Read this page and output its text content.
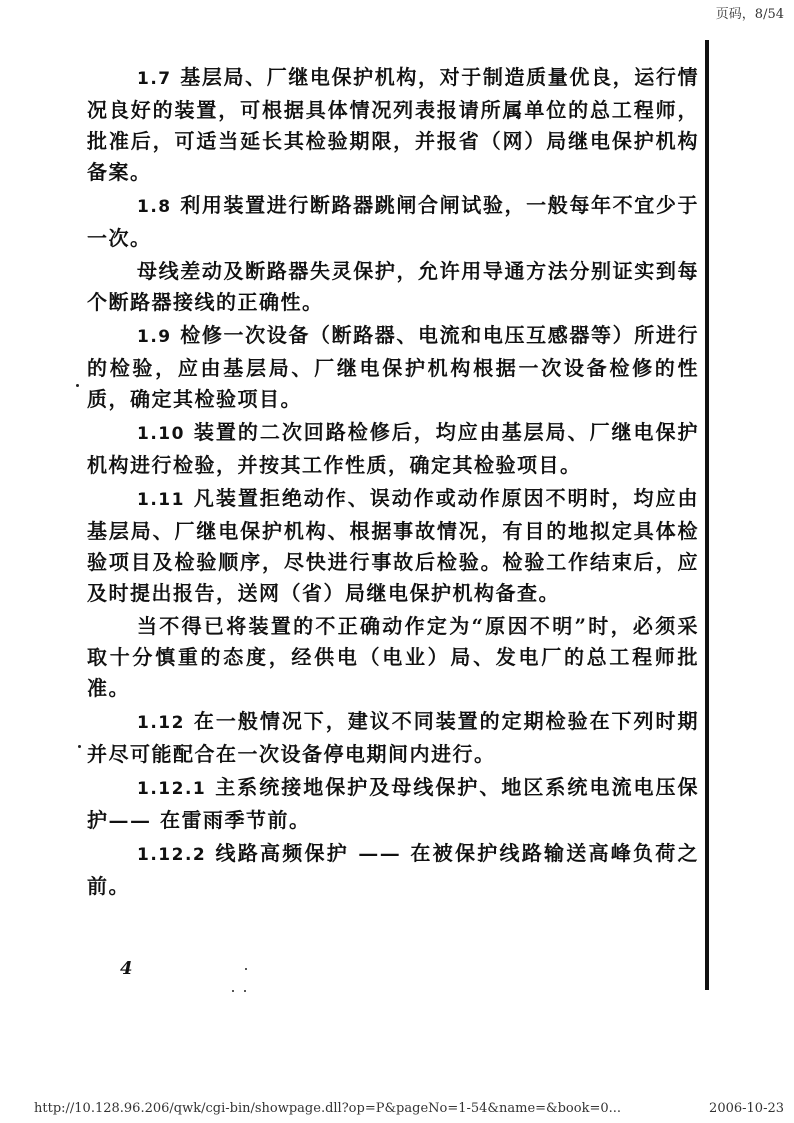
页码，8/54

1.7 基层局、厂继电保护机构，对于制造质量优良，运行情况良好的装置，可根据具体情况列表报请所属单位的总工程师，批准后，可适当延长其检验期限，并报省（网）局继电保护机构备案。

1.8 利用装置进行断路器跳闸合闸试验，一般每年不宜少于一次。

母线差动及断路器失灵保护，允许用导通方法分别证实到每个断路器接线的正确性。

1.9 检修一次设备（断路器、电流和电压互感器等）所进行的检验，应由基层局、厂继电保护机构根据一次设备检修的性质，确定其检验项目。

1.10 装置的二次回路检修后，均应由基层局、厂继电保护机构进行检验，并按其工作性质，确定其检验项目。

1.11 凡装置拒绝动作、误动作或动作原因不明时，均应由基层局、厂继电保护机构、根据事故情况，有目的地拟定具体检验项目及检验顺序，尽快进行事故后检验。检验工作结束后，应及时提出报告，送网（省）局继电保护机构备查。

当不得已将装置的不正确动作定为“原因不明”时，必须采取十分慎重的态度，经供电（电业）局、发电厂的总工程师批准。

1.12 在一般情况下，建议不同装置的定期检验在下列时期并尽可能配合在一次设备停电期间内进行。

1.12.1 主系统接地保护及母线保护、地区系统电流电压保护—— 在雷雨季节前。

1.12.2 线路高频保护 —— 在被保护线路输送高峰负荷之前。

4
http://10.128.96.206/qwk/cgi-bin/showpage.dll?op=P&pageNo=1-54&name=&book=0...	2006-10-23
